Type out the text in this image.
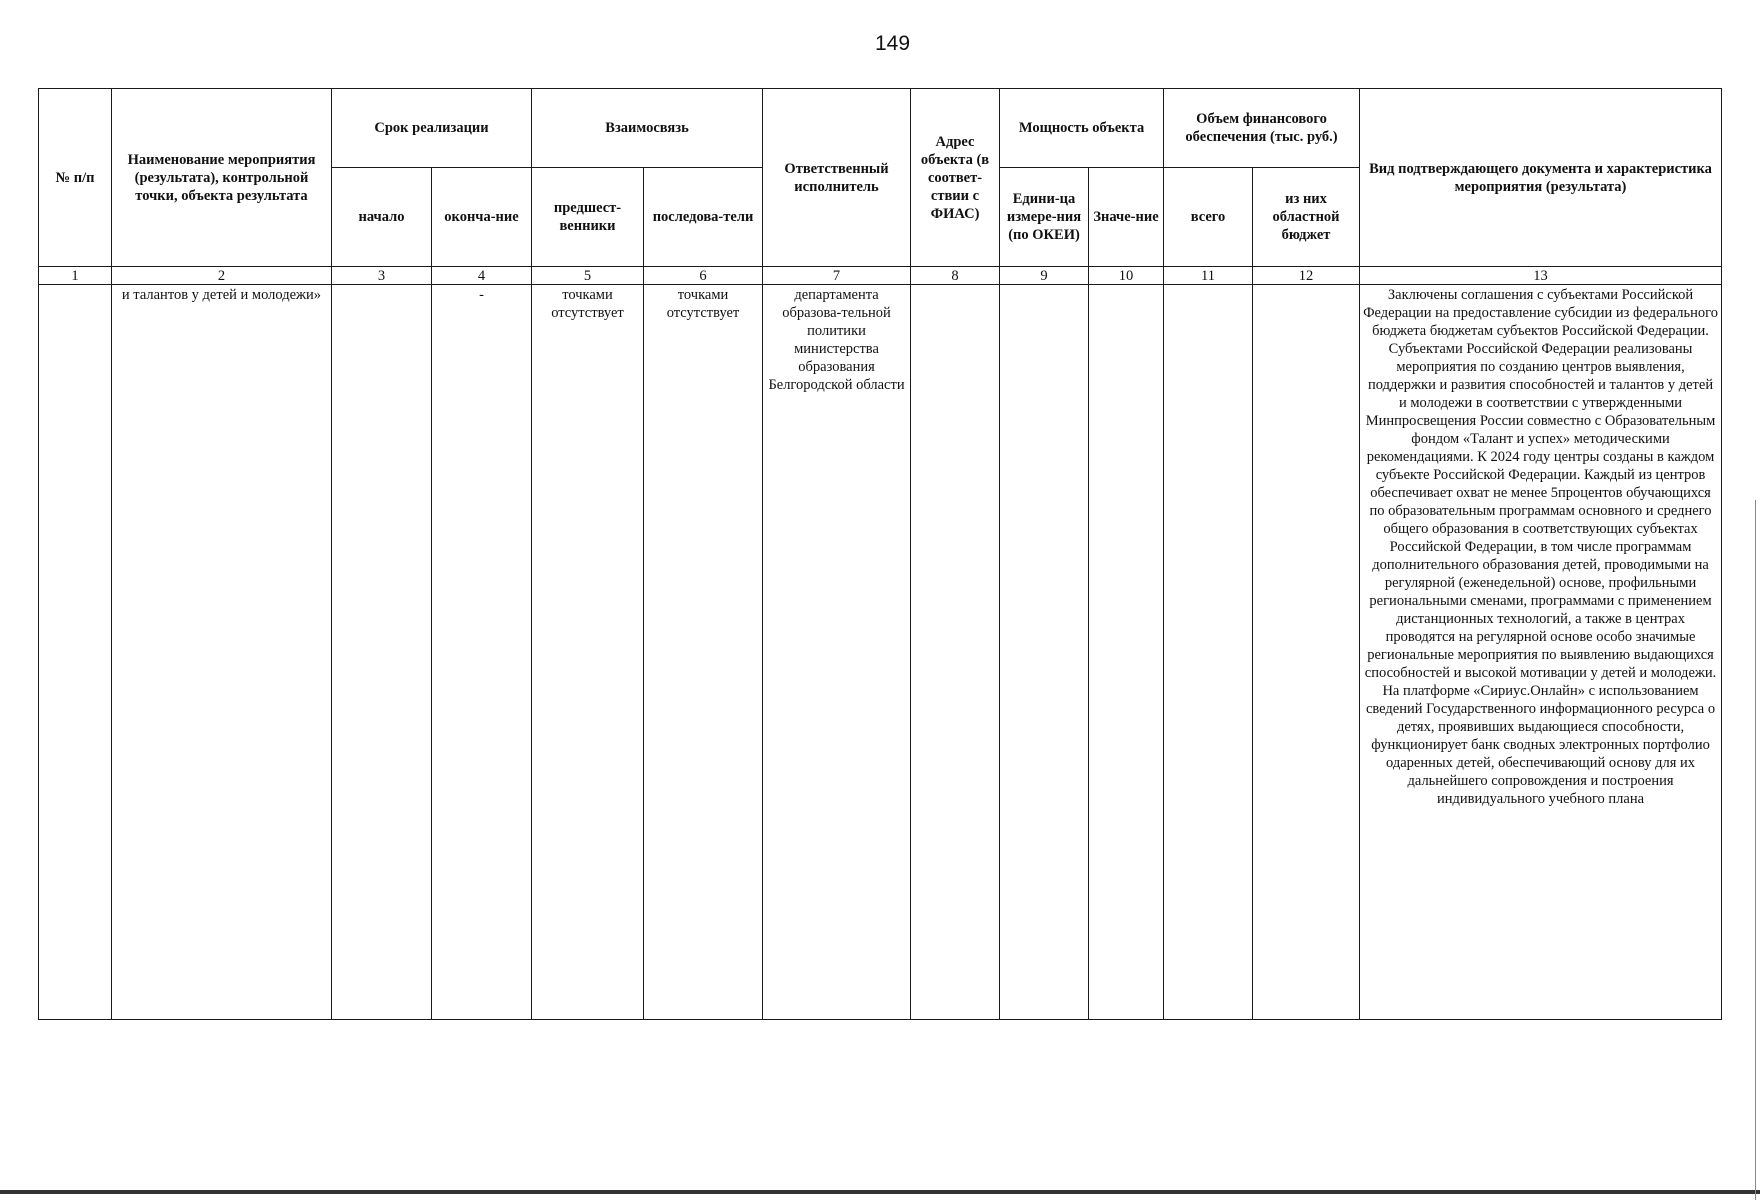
149
№ п/п	Наименование мероприятия (результата), контрольной точки, объекта результата	Срок реализации		Взаимосвязь		Ответственный исполнитель	Адрес объекта (в соответ-ствии с ФИАС)	Мощность объекта		Объем финансового обеспечения (тыс. руб.)		Вид подтверждающего документа и характеристика мероприятия (результата)
		начало	оконча-ние	предшест-венники	последова-тели			Едини-ца измере-ния (по ОКЕИ)	Значе-ние	всего	из них областной бюджет	
1	2	3	4	5	6	7	8	9	10	11	12	13
	и талантов у детей и молодежи»		-	точками отсутствует	точками отсутствует	департамента образова-тельной политики министерства образования Белгородской области						Заключены соглашения с субъектами Российской Федерации на предоставление субсидии из федерального бюджета бюджетам субъектов Российской Федерации. Субъектами Российской Федерации реализованы мероприятия по созданию центров выявления, поддержки и развития способностей и талантов у детей и молодежи в соответствии с утвержденными Минпросвещения России совместно с Образовательным фондом «Талант и успех» методическими рекомендациями. К 2024 году центры созданы в каждом субъекте Российской Федерации. Каждый из центров обеспечивает охват не менее 5процентов обучающихся по образовательным программам основного и среднего общего образования в соответствующих субъектах Российской Федерации, в том числе программам дополнительного образования детей, проводимыми на регулярной (еженедельной) основе, профильными региональными сменами, программами с применением дистанционных технологий, а также в центрах проводятся на регулярной основе особо значимые региональные мероприятия по выявлению выдающихся способностей и высокой мотивации у детей и молодежи. На платформе «Сириус.Онлайн» с использованием сведений Государственного информационного ресурса о детях, проявивших выдающиеся способности, функционирует банк сводных электронных портфолио одаренных детей, обеспечивающий основу для их дальнейшего сопровождения и построения индивидуального учебного плана
